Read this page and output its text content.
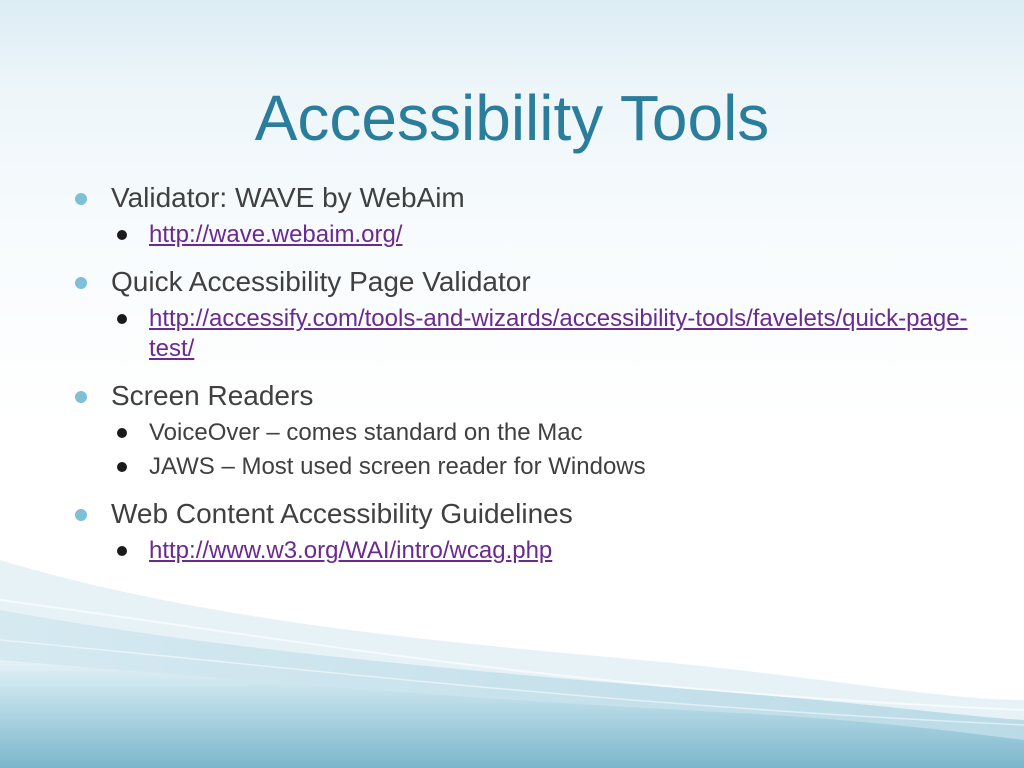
Accessibility Tools
Validator: WAVE by WebAim
http://wave.webaim.org/
Quick Accessibility Page Validator
http://accessify.com/tools-and-wizards/accessibility-tools/favelets/quick-page-test/
Screen Readers
VoiceOver – comes standard on the Mac
JAWS – Most used screen reader for Windows
Web Content Accessibility Guidelines
http://www.w3.org/WAI/intro/wcag.php
